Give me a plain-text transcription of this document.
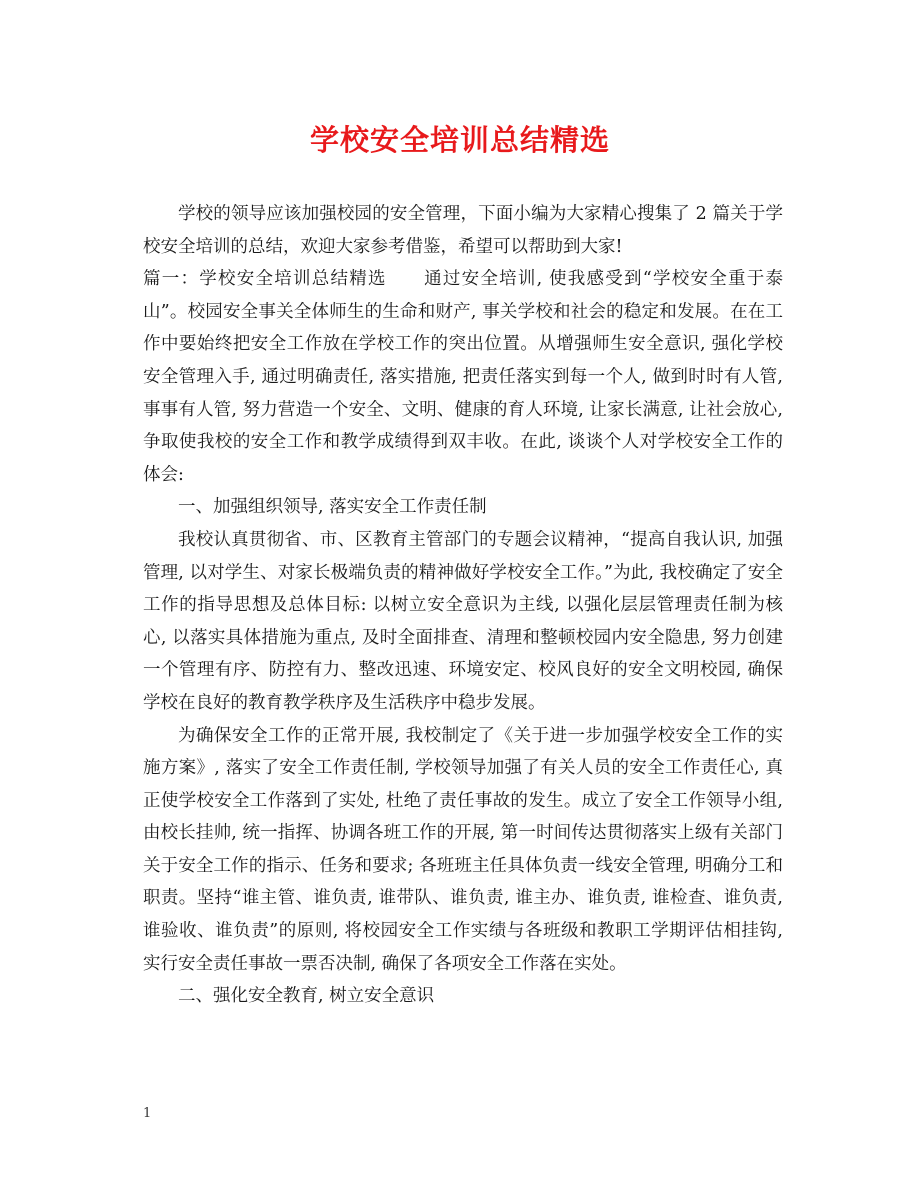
学校安全培训总结精选

学校的领导应该加强校园的安全管理，下面小编为大家精心搜集了 2 篇关于学校安全培训的总结，欢迎大家参考借鉴，希望可以帮助到大家!

篇一：学校安全培训总结精选 通过安全培训, 使我感受到“学校安全重于泰山”。校园安全事关全体师生的生命和财产, 事关学校和社会的稳定和发展。在在工作中要始终把安全工作放在学校工作的突出位置。从增强师生安全意识, 强化学校安全管理入手, 通过明确责任, 落实措施, 把责任落实到每一个人, 做到时时有人管, 事事有人管, 努力营造一个安全、文明、健康的育人环境, 让家长满意, 让社会放心, 争取使我校的安全工作和教学成绩得到双丰收。在此, 谈谈个人对学校安全工作的体会:

一、加强组织领导, 落实安全工作责任制

我校认真贯彻省、市、区教育主管部门的专题会议精神，“提高自我认识, 加强管理, 以对学生、对家长极端负责的精神做好学校安全工作。”为此, 我校确定了安全工作的指导思想及总体目标: 以树立安全意识为主线, 以强化层层管理责任制为核心, 以落实具体措施为重点, 及时全面排查、清理和整顿校园内安全隐患, 努力创建一个管理有序、防控有力、整改迅速、环境安定、校风良好的安全文明校园, 确保学校在良好的教育教学秩序及生活秩序中稳步发展。

为确保安全工作的正常开展, 我校制定了《关于进一步加强学校安全工作的实施方案》, 落实了安全工作责任制, 学校领导加强了有关人员的安全工作责任心, 真正使学校安全工作落到了实处, 杜绝了责任事故的发生。成立了安全工作领导小组, 由校长挂帅, 统一指挥、协调各班工作的开展, 第一时间传达贯彻落实上级有关部门关于安全工作的指示、任务和要求; 各班班主任具体负责一线安全管理, 明确分工和职责。坚持“谁主管、谁负责, 谁带队、谁负责, 谁主办、谁负责, 谁检查、谁负责, 谁验收、谁负责”的原则, 将校园安全工作实绩与各班级和教职工学期评估相挂钩, 实行安全责任事故一票否决制, 确保了各项安全工作落在实处。

二、强化安全教育, 树立安全意识

1
